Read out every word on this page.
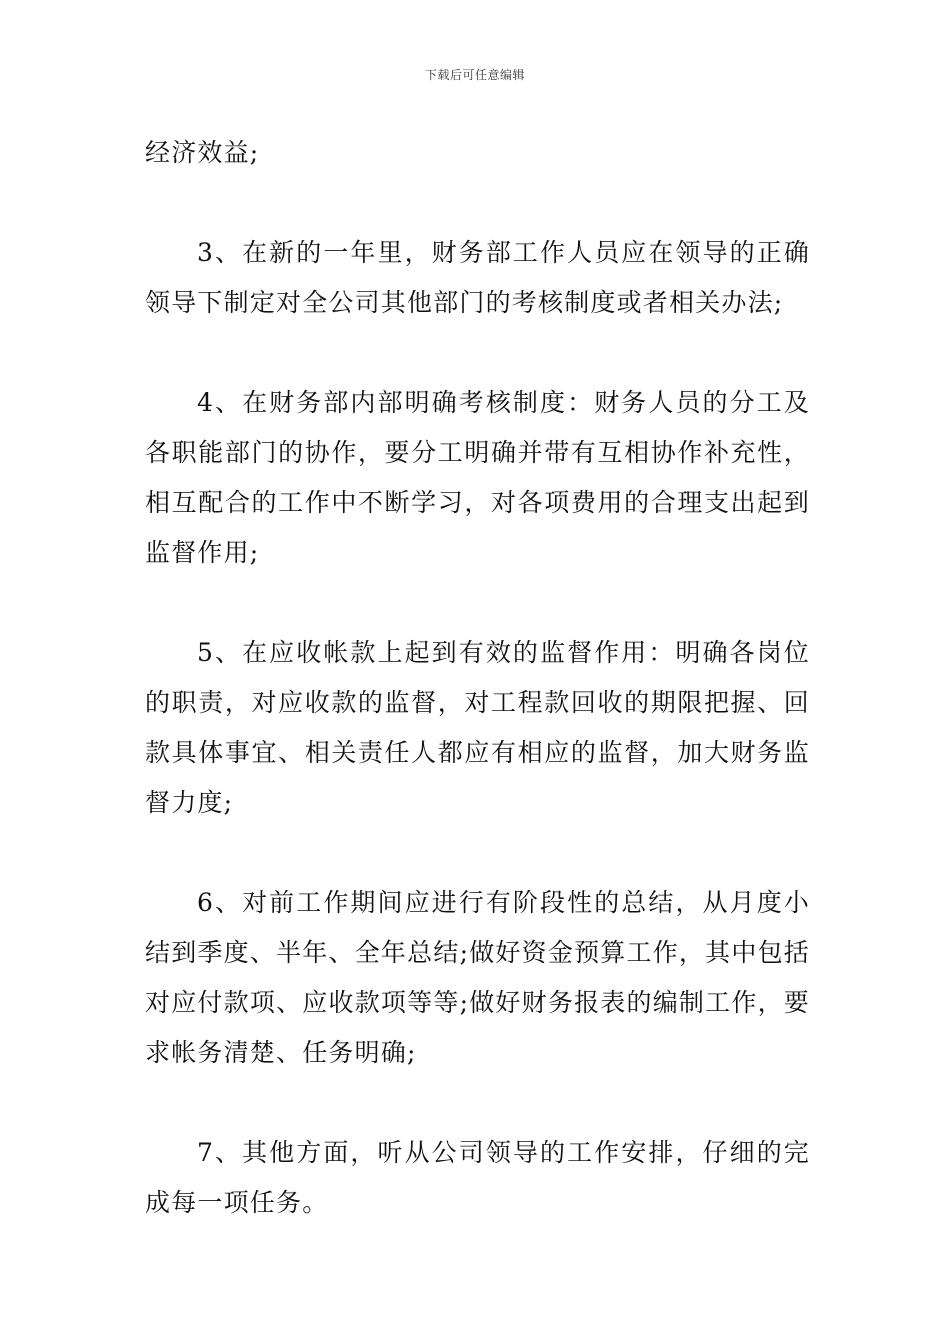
下载后可任意编辑

经济效益;

3、在新的一年里，财务部工作人员应在领导的正确领导下制定对全公司其他部门的考核制度或者相关办法;

4、在财务部内部明确考核制度：财务人员的分工及各职能部门的协作，要分工明确并带有互相协作补充性，相互配合的工作中不断学习，对各项费用的合理支出起到监督作用;

5、在应收帐款上起到有效的监督作用：明确各岗位的职责，对应收款的监督，对工程款回收的期限把握、回款具体事宜、相关责任人都应有相应的监督，加大财务监督力度;

6、对前工作期间应进行有阶段性的总结，从月度小结到季度、半年、全年总结;做好资金预算工作，其中包括对应付款项、应收款项等等;做好财务报表的编制工作，要求帐务清楚、任务明确;

7、其他方面，听从公司领导的工作安排，仔细的完成每一项任务。
